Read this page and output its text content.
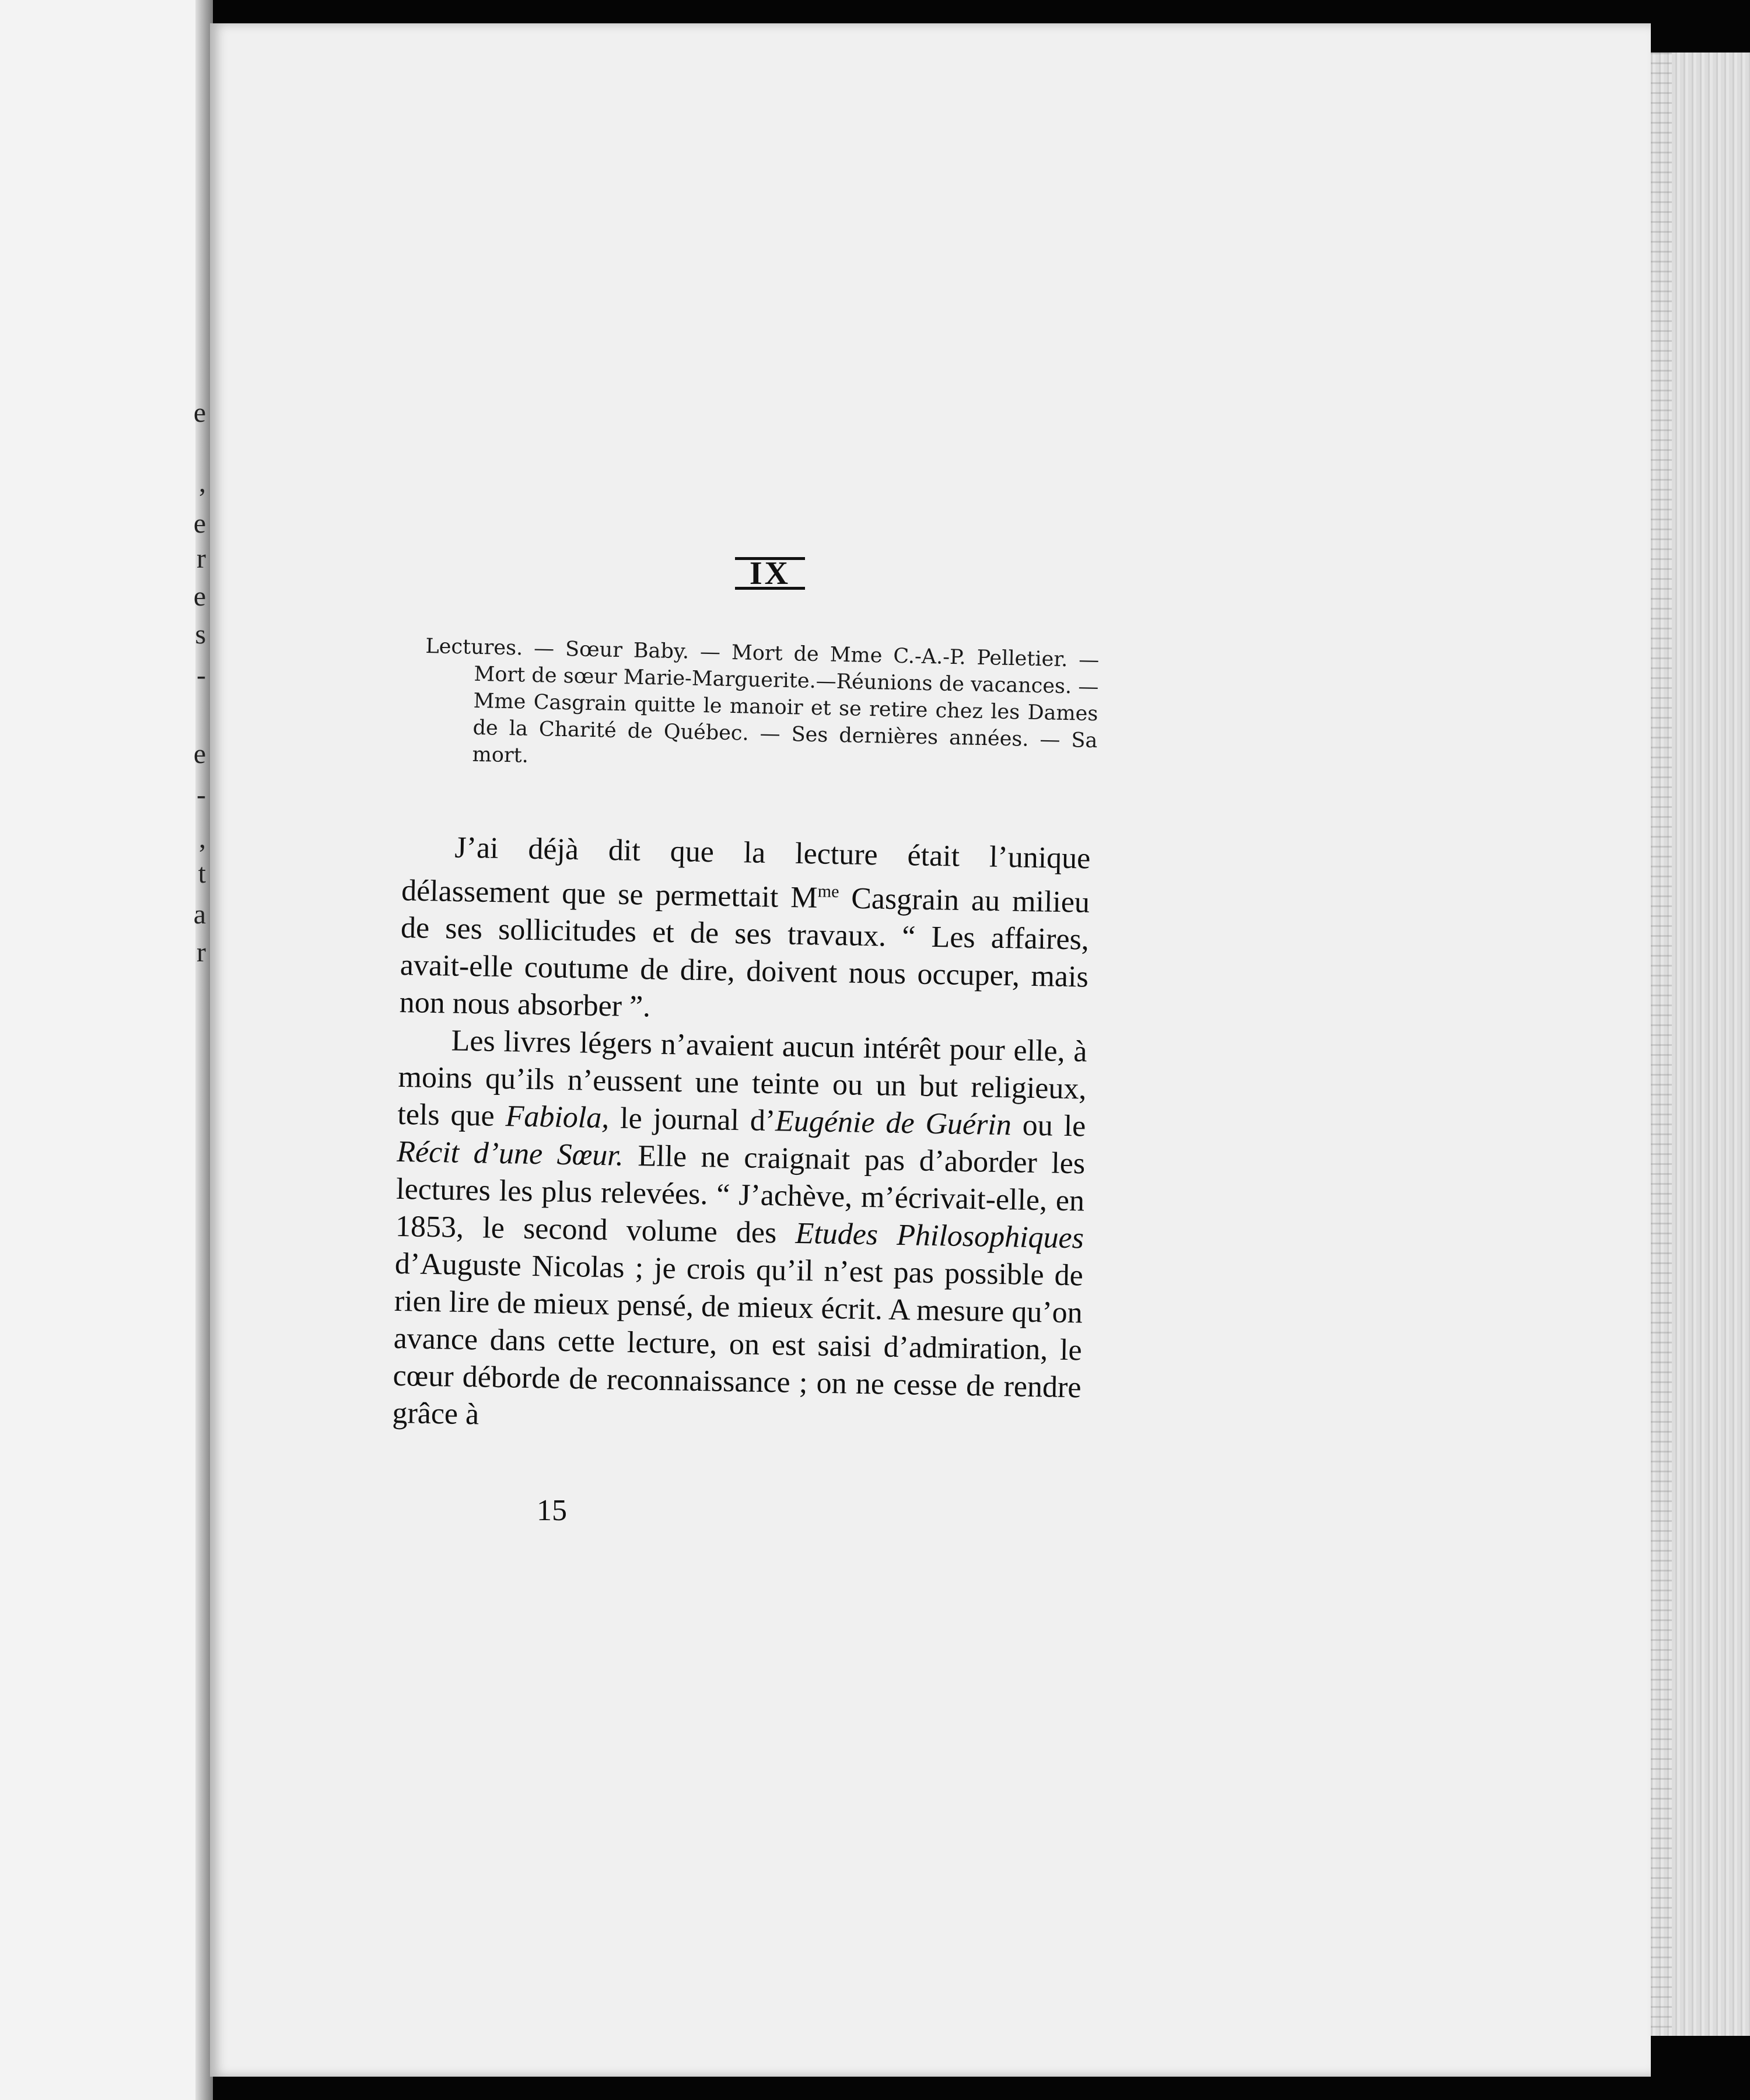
e
,
e
r
e
s
-
e
-
,
t
a
r
IX
Lectures. — Sœur Baby. — Mort de Mme C.-A.-P. Pelletier. — Mort de sœur Marie-Marguerite.—Réunions de vacances. — Mme Casgrain quitte le manoir et se retire chez les Dames de la Charité de Québec. — Ses dernières années. — Sa mort.

J’ai déjà dit que la lecture était l’unique délassement que se permettait $M^{me}$ Casgrain au milieu de ses sollicitudes et de ses travaux. “ Les affaires, avait-elle coutume de dire, doivent nous occuper, mais non nous absorber ”.

Les livres légers n’avaient aucun intérêt pour elle, à moins qu’ils n’eussent une teinte ou un but religieux, tels que Fabiola, le journal d’Eugénie de Guérin ou le Récit d’une Sœur. Elle ne craignait pas d’aborder les lectures les plus relevées. “ J’achève, m’écrivait-elle, en 1853, le second volume des Etudes Philosophiques d’Auguste Nicolas ; je crois qu’il n’est pas possible de rien lire de mieux pensé, de mieux écrit. A mesure qu’on avance dans cette lecture, on est saisi d’admiration, le cœur déborde de reconnaissance ; on ne cesse de rendre grâce à

15
